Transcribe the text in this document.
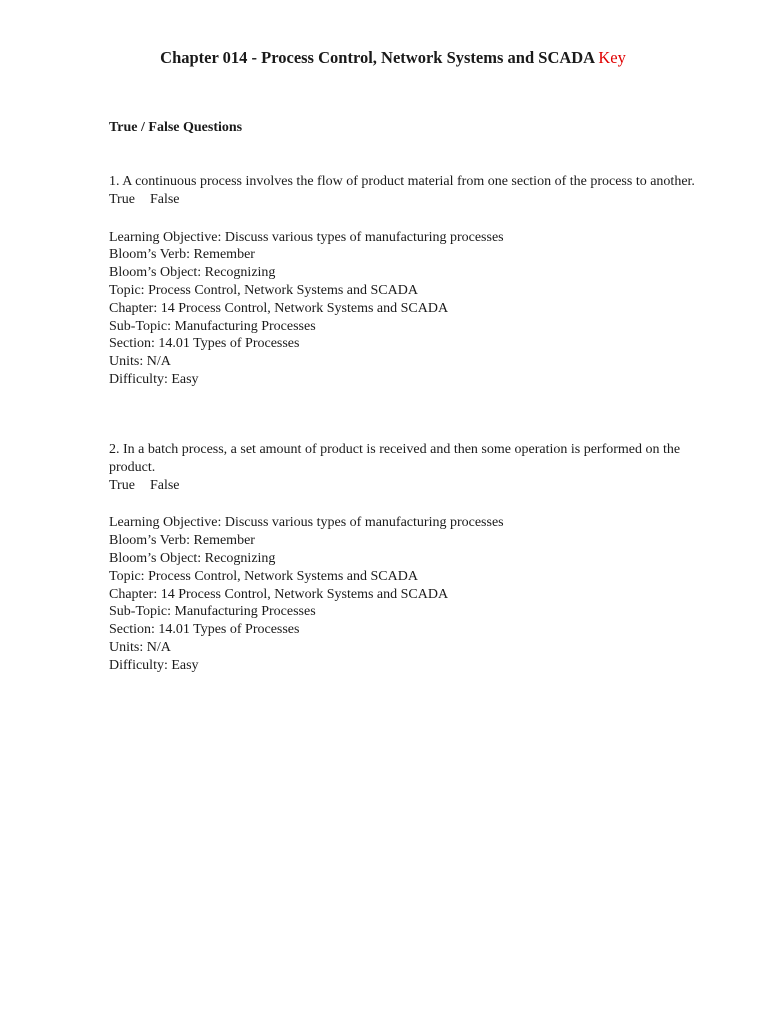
Chapter 014 - Process Control, Network Systems and SCADA Key
True / False Questions
1. A continuous process involves the flow of product material from one section of the process to another.
True False
Learning Objective: Discuss various types of manufacturing processes
Bloom’s Verb: Remember
Bloom’s Object: Recognizing
Topic: Process Control, Network Systems and SCADA
Chapter: 14 Process Control, Network Systems and SCADA
Sub-Topic: Manufacturing Processes
Section: 14.01 Types of Processes
Units: N/A
Difficulty: Easy
2. In a batch process, a set amount of product is received and then some operation is performed on the product.
True False
Learning Objective: Discuss various types of manufacturing processes
Bloom’s Verb: Remember
Bloom’s Object: Recognizing
Topic: Process Control, Network Systems and SCADA
Chapter: 14 Process Control, Network Systems and SCADA
Sub-Topic: Manufacturing Processes
Section: 14.01 Types of Processes
Units: N/A
Difficulty: Easy
